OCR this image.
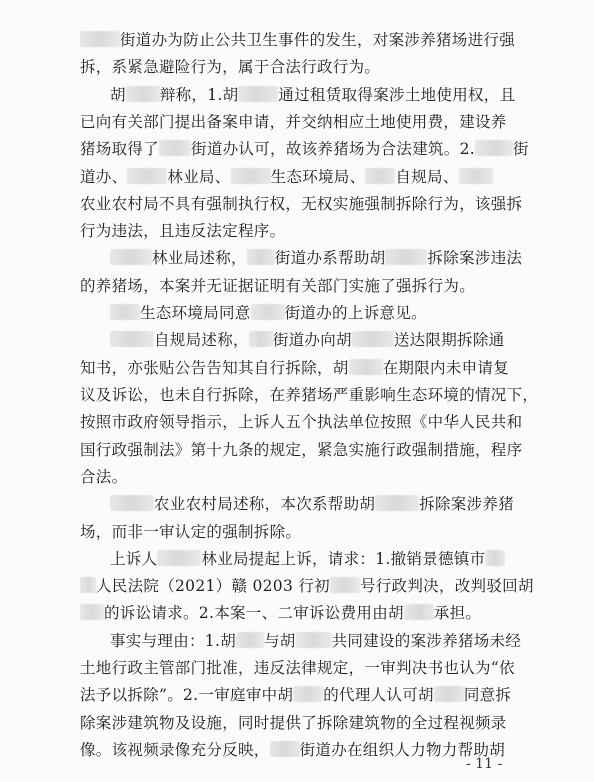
街道办为防止公共卫生事件的发生，对案涉养猪场进行强
拆，系紧急避险行为，属于合法行政行为。
胡 辩称，1.胡	通过租赁取得案涉土地使用权，且
已向有关部门提出备案申请，并交纳相应土地使用费，建设养
猪场取得了 街道办认可，故该养猪场为合法建筑。2. 街
道办、	林业局、	生态环境局、 自规局、
农业农村局不具有强制执行权，无权实施强制拆除行为，该强拆
行为违法，且违反法定程序。
林业局述称， 街道办系帮助胡	拆除案涉违法
的养猪场，本案并无证据证明有关部门实施了强拆行为。
生态环境局同意 街道办的上诉意见。
自规局述称， 街道办向胡	送达限期拆除通
知书，亦张贴公告告知其自行拆除，胡 在期限内未申请复
议及诉讼，也未自行拆除，在养猪场严重影响生态环境的情况下，
按照市政府领导指示，上诉人五个执法单位按照《中华人民共和
国行政强制法》第十九条的规定，紧急实施行政强制措施，程序
合法。
农业农村局述称，本次系帮助胡	拆除案涉养猪
场，而非一审认定的强制拆除。
上诉人	林业局提起上诉，请求：1.撤销景德镇市
人民法院（2021）赣 0203 行初 号行政判决，改判驳回胡
的诉讼请求。2.本案一、二审诉讼费用由胡 承担。
事实与理由：1.胡 与胡 共同建设的案涉养猪场未经
土地行政主管部门批准，违反法律规定，一审判决书也认为“依
法予以拆除”。2.一审庭审中胡 的代理人认可胡 同意拆
除案涉建筑物及设施，同时提供了拆除建筑物的全过程视频录
像。该视频录像充分反映， 街道办在组织人力物力帮助胡
- 11 -
